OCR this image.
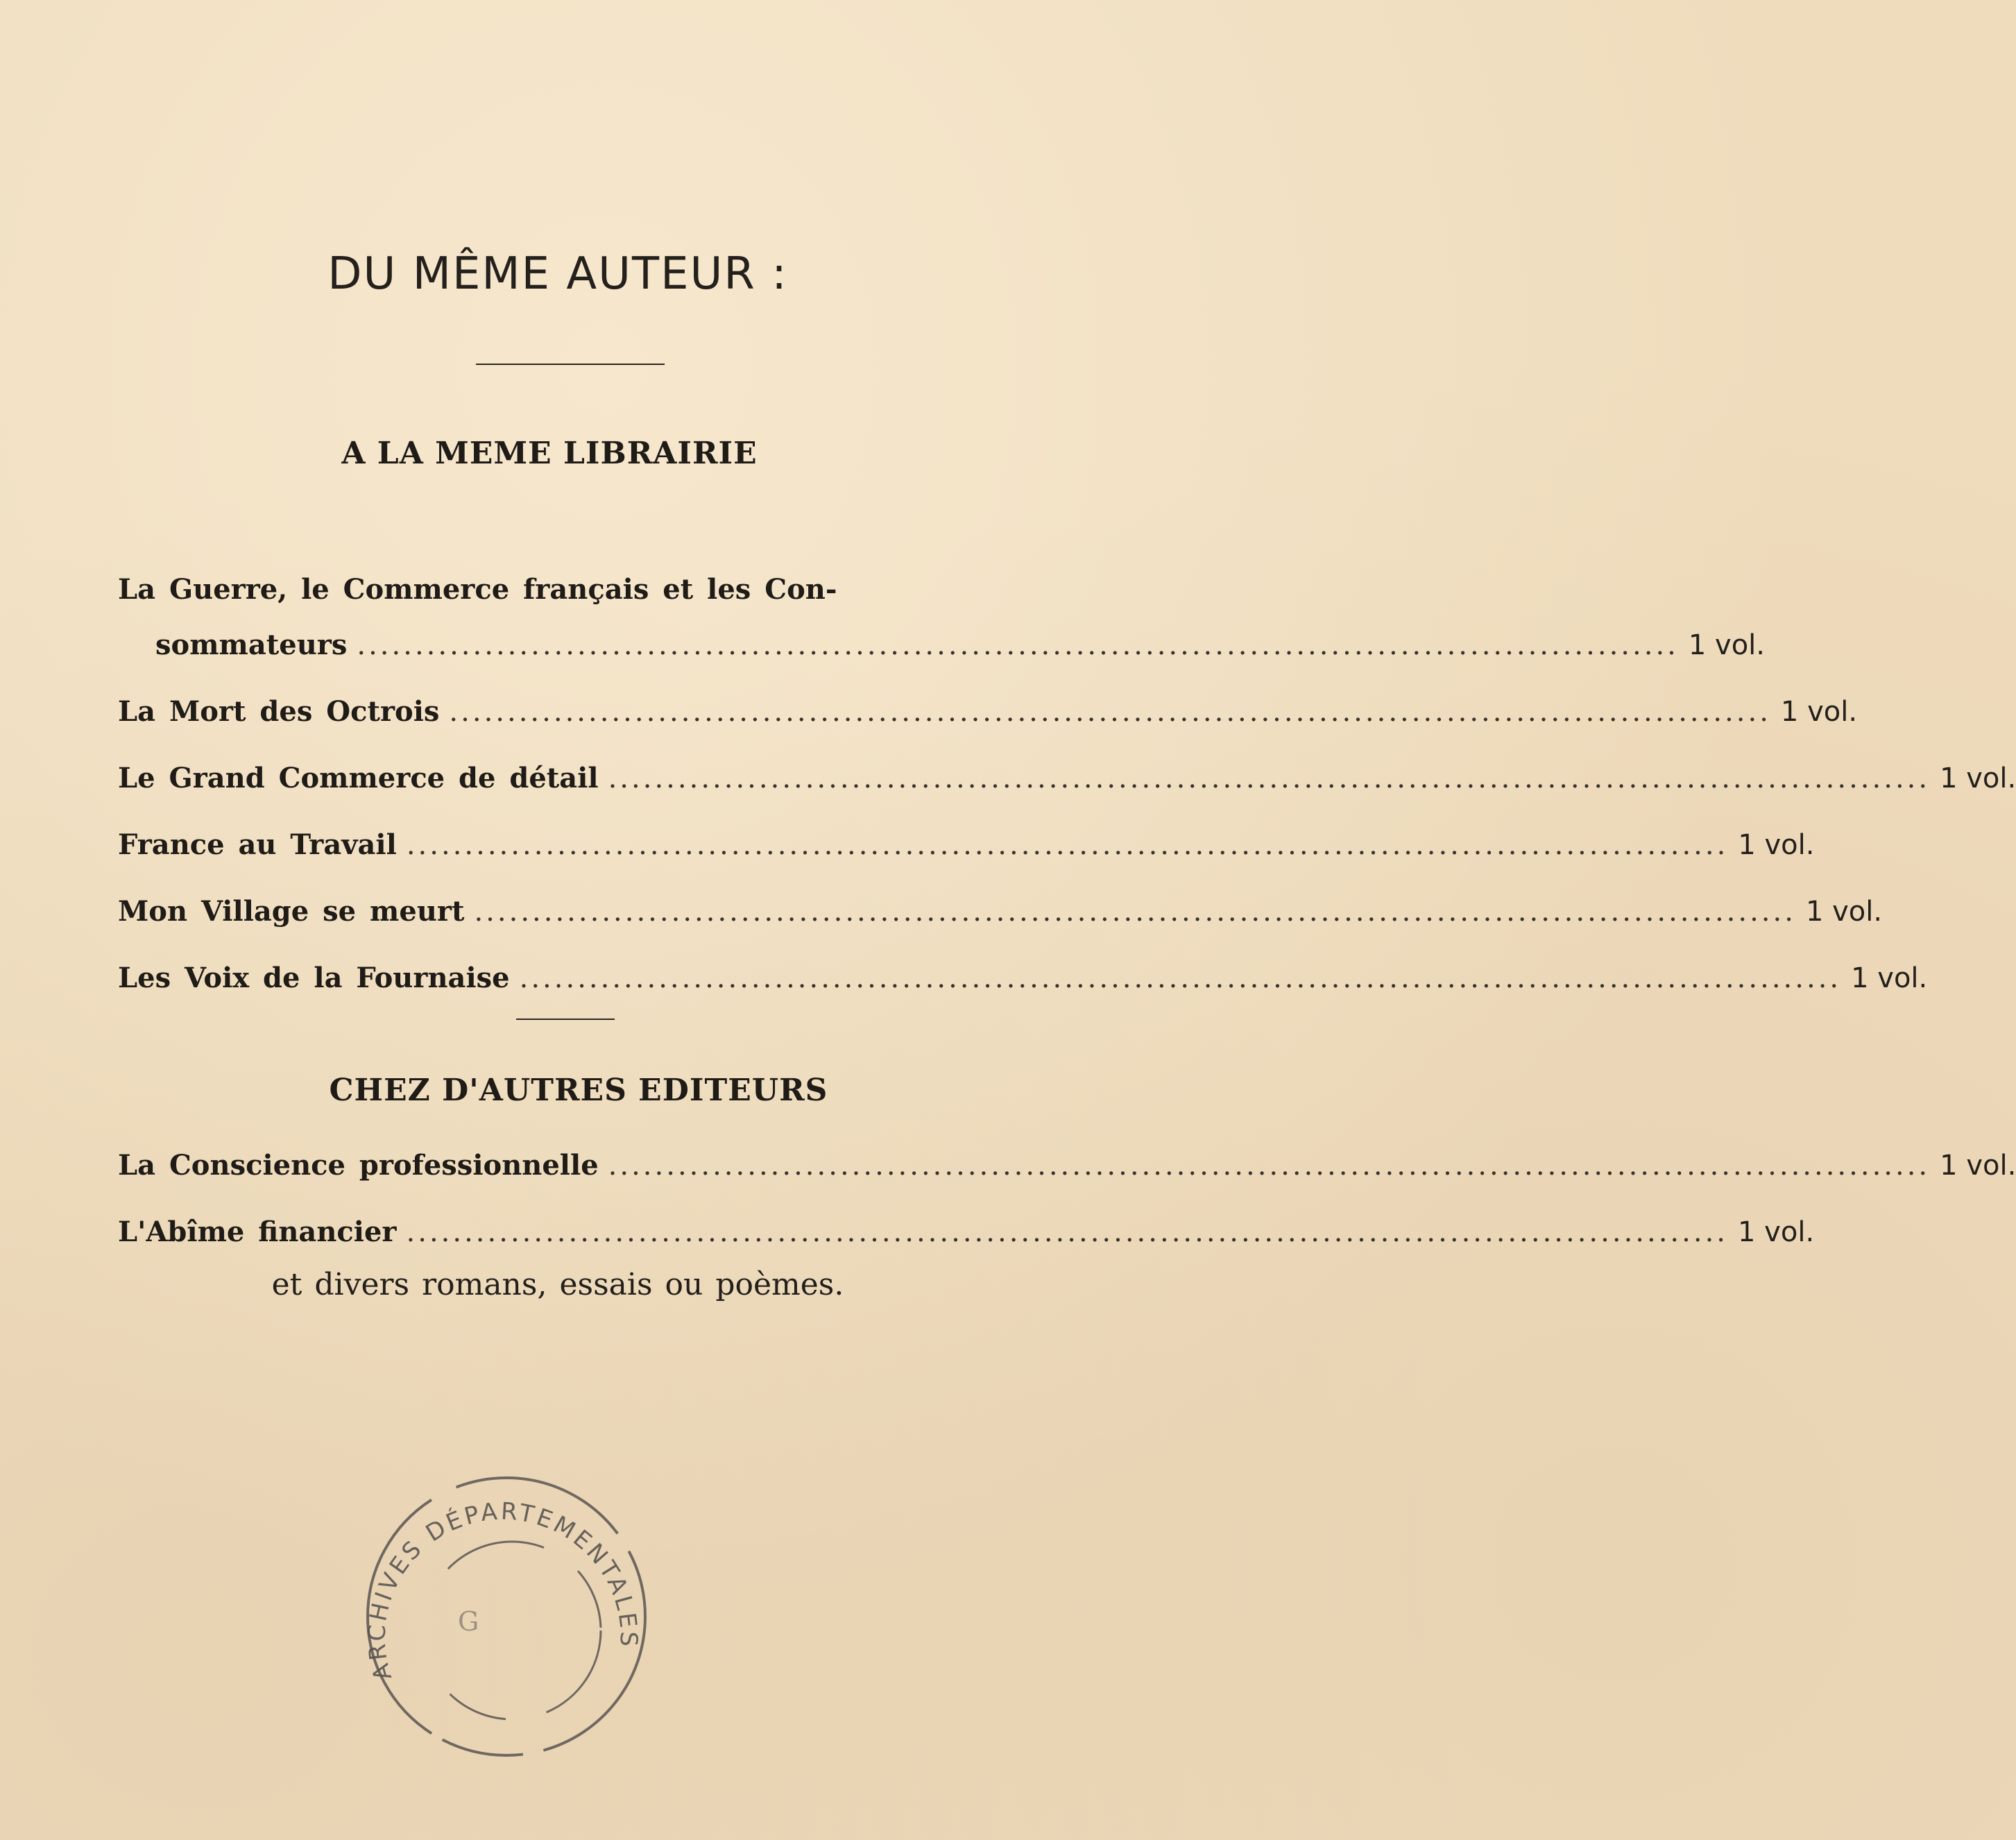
DU MÊME AUTEUR :
A LA MEME LIBRAIRIE
La Guerre, le Commerce français et les Con-
sommateurs .................................................................................................................. 1 vol.
La Mort des Octrois .................................................................................................................. 1 vol.
Le Grand Commerce de détail .................................................................................................................. 1 vol.
France au Travail .................................................................................................................. 1 vol.
Mon Village se meurt .................................................................................................................. 1 vol.
Les Voix de la Fournaise .................................................................................................................. 1 vol.
CHEZ D'AUTRES EDITEURS
La Conscience professionnelle .................................................................................................................. 1 vol.
L'Abîme financier .................................................................................................................. 1 vol.
et divers romans, essais ou poèmes.
ARCHIVES DÉPARTEMENTALES
G
